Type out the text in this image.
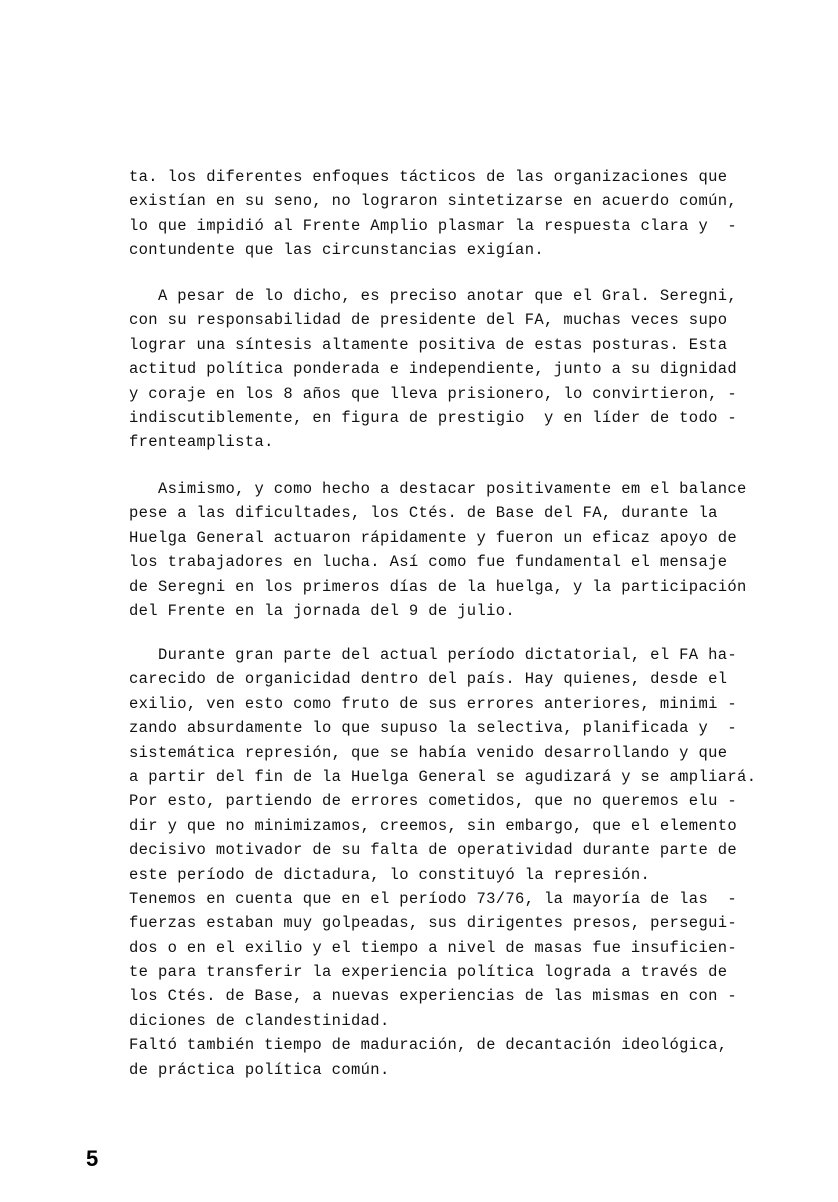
ta. los diferentes enfoques tácticos de las organizaciones que
existían en su seno, no lograron sintetizarse en acuerdo común,
lo que impidió al Frente Amplio plasmar la respuesta clara y  -
contundente que las circunstancias exigían.
A pesar de lo dicho, es preciso anotar que el Gral. Seregni,
con su responsabilidad de presidente del FA, muchas veces supo
lograr una síntesis altamente positiva de estas posturas. Esta
actitud política ponderada e independiente, junto a su dignidad
y coraje en los 8 años que lleva prisionero, lo convirtieron, -
indiscutiblemente, en figura de prestigio  y en líder de todo -
frenteamplista.
Asimismo, y como hecho a destacar positivamente em el balance
pese a las dificultades, los Ctés. de Base del FA, durante la
Huelga General actuaron rápidamente y fueron un eficaz apoyo de
los trabajadores en lucha. Así como fue fundamental el mensaje
de Seregni en los primeros días de la huelga, y la participación
del Frente en la jornada del 9 de julio.
Durante gran parte del actual período dictatorial, el FA ha-
carecido de organicidad dentro del país. Hay quienes, desde el
exilio, ven esto como fruto de sus errores anteriores, minimi -
zando absurdamente lo que supuso la selectiva, planificada y  -
sistemática represión, que se había venido desarrollando y que
a partir del fin de la Huelga General se agudizará y se ampliará.
Por esto, partiendo de errores cometidos, que no queremos elu -
dir y que no minimizamos, creemos, sin embargo, que el elemento
decisivo motivador de su falta de operatividad durante parte de
este período de dictadura, lo constituyó la represión.
Tenemos en cuenta que en el período 73/76, la mayoría de las  -
fuerzas estaban muy golpeadas, sus dirigentes presos, persegui-
dos o en el exilio y el tiempo a nivel de masas fue insuficien-
te para transferir la experiencia política lograda a través de
los Ctés. de Base, a nuevas experiencias de las mismas en con -
diciones de clandestinidad.
Faltó también tiempo de maduración, de decantación ideológica,
de práctica política común.
5
